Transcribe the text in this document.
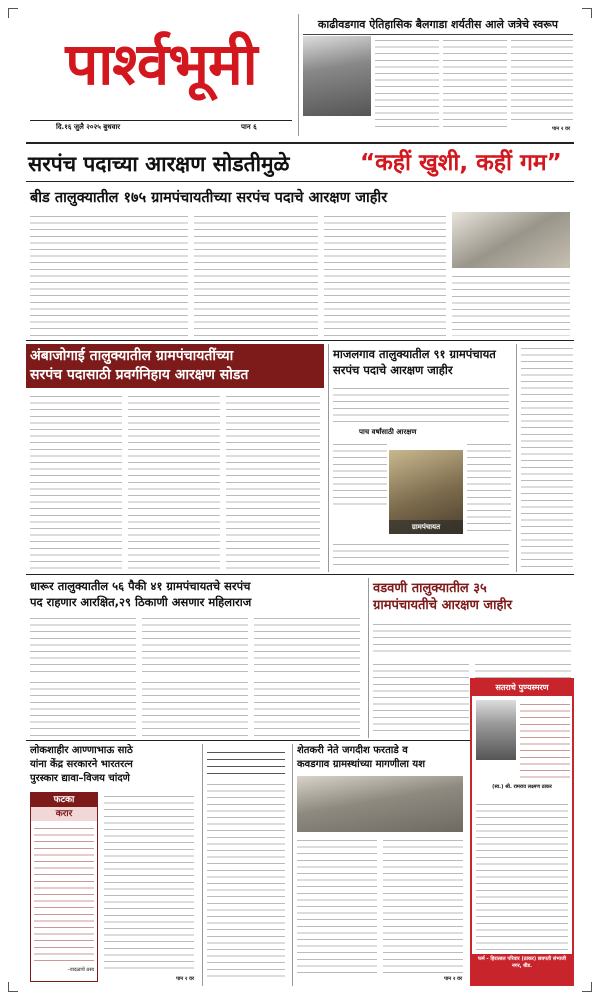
पार्श्वभूमी
दि.१६ जुलै २०२५ बुधवार	पान ६
काढीवडगाव ऐतिहासिक बैलगाडा शर्यतीस आले जत्रेचे स्वरूप
पान २ वर
सरपंच पदाच्या आरक्षण सोडतीमुळे	“कहीं खुशी, कहीं गम”
बीड तालुक्यातील १७५ ग्रामपंचायतीच्या सरपंच पदाचे आरक्षण जाहीर
अंबाजोगाई तालुक्यातील ग्रामपंचायतींच्या
सरपंच पदासाठी प्रवर्गनिहाय आरक्षण सोडत
माजलगाव तालुक्यातील ९१ ग्रामपंचायत
सरपंच पदाचे आरक्षण जाहीर
पाच वर्षांसाठी आरक्षण
ग्रामपंचायत
धारूर तालुक्यातील ५६ पैकी ४१ ग्रामपंचायतचे सरपंच
पद राहणार आरक्षित,२९ ठिकाणी असणार महिलाराज
वडवणी तालुक्यातील ३५
ग्रामपंचायतीचे आरक्षण जाहीर
लोकशाहीर आण्णाभाऊ साठे
यांना केंद्र सरकारने भारतरत्न
पुरस्कार द्यावा–विजय चांदणे
फटका
करार
–वादळाचे ठसा
पान २ वर
शेतकरी नेते जगदीश फरताडे व
कवडगाव ग्रामस्थांच्या मागणीला यश
पान २ वर
सतराचे पुण्यस्मरण
(स्व.) श्री. रामराव लक्ष्मण ठाकर
फर्म - हिरालाल परिवार (ठाकर) छत्रपती संभाजी नगर, बीड.
